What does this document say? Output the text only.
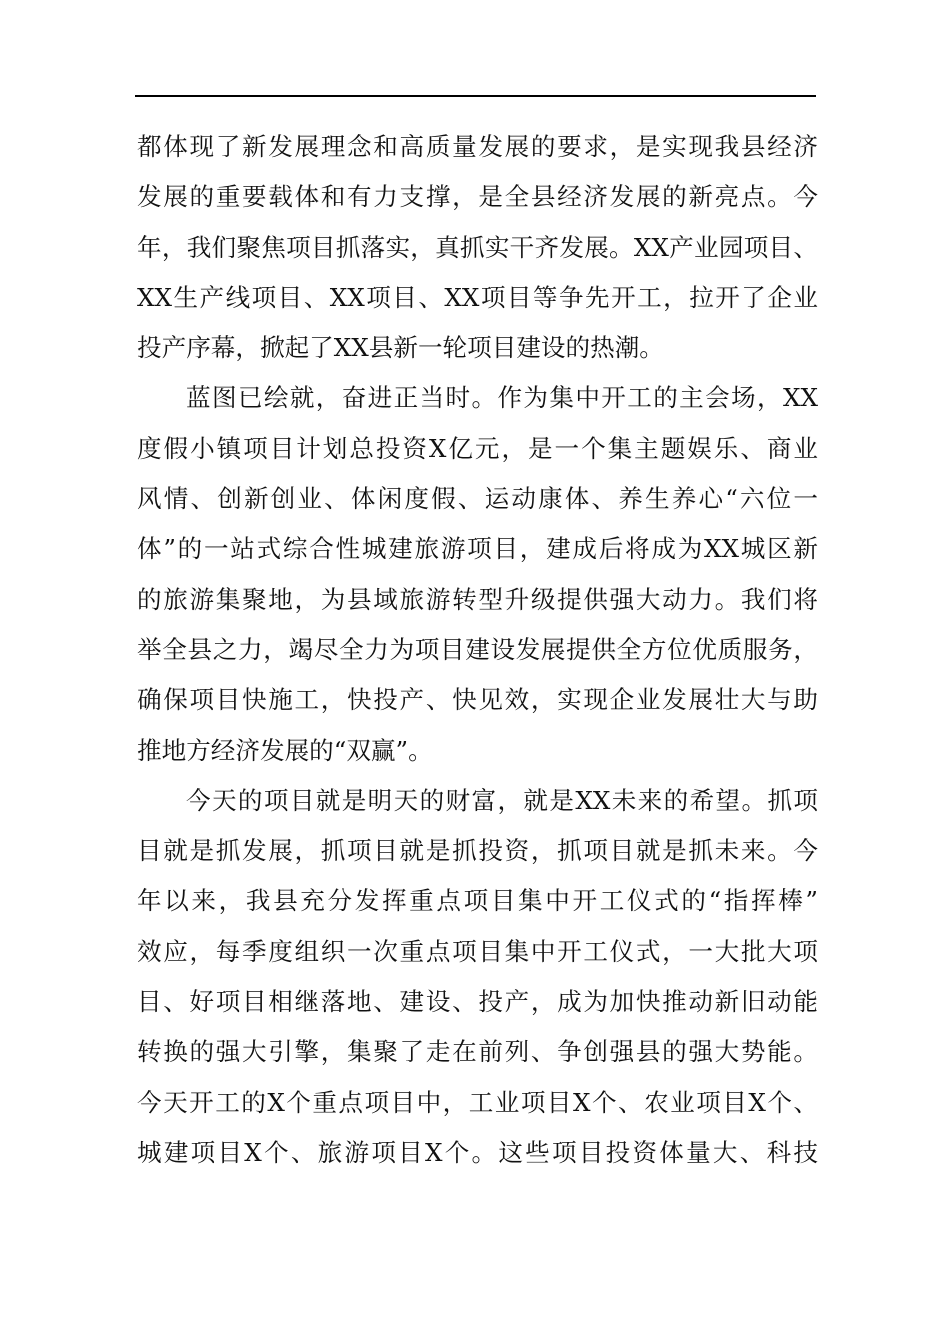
都体现了新发展理念和高质量发展的要求，是实现我县经济
发展的重要载体和有力支撑，是全县经济发展的新亮点。今
年，我们聚焦项目抓落实，真抓实干齐发展。XX产业园项目、
XX生产线项目、XX项目、XX项目等争先开工，拉开了企业
投产序幕，掀起了XX县新一轮项目建设的热潮。
蓝图已绘就，奋进正当时。作为集中开工的主会场，XX
度假小镇项目计划总投资X亿元，是一个集主题娱乐、商业
风情、创新创业、体闲度假、运动康体、养生养心“六位一
体”的一站式综合性城建旅游项目，建成后将成为XX城区新
的旅游集聚地，为县域旅游转型升级提供强大动力。我们将
举全县之力，竭尽全力为项目建设发展提供全方位优质服务，
确保项目快施工，快投产、快见效，实现企业发展壮大与助
推地方经济发展的“双赢”。
今天的项目就是明天的财富，就是XX未来的希望。抓项
目就是抓发展，抓项目就是抓投资，抓项目就是抓未来。今
年以来，我县充分发挥重点项目集中开工仪式的“指挥棒”
效应，每季度组织一次重点项目集中开工仪式，一大批大项
目、好项目相继落地、建设、投产，成为加快推动新旧动能
转换的强大引擎，集聚了走在前列、争创强县的强大势能。
今天开工的X个重点项目中，工业项目X个、农业项目X个、
城建项目X个、旅游项目X个。这些项目投资体量大、科技
